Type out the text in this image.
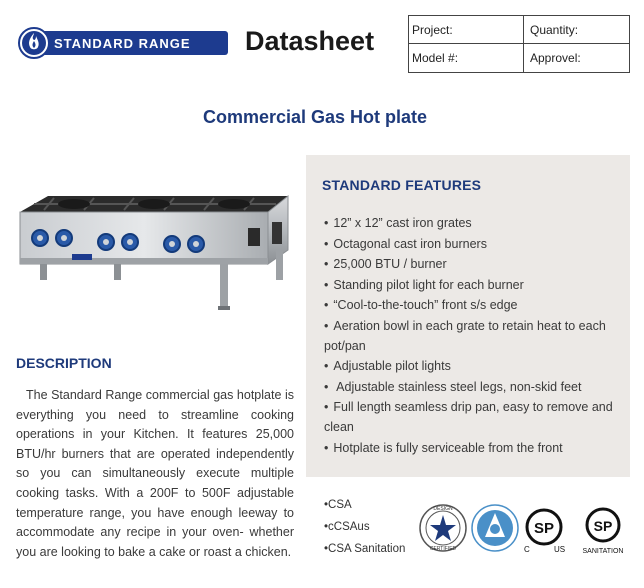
STANDARD RANGE Datasheet	Project:	Quantity:
Model #:	Approvel:
Commercial Gas Hot plate
STANDARD FEATURES
• 12” x 12” cast iron grates
• Octagonal cast iron burners
• 25,000 BTU / burner
• Standing pilot light for each burner
• “Cool-to-the-touch” front s/s edge
• Aeration bowl in each grate to retain heat to each pot/pan
• Adjustable pilot lights
• Adjustable stainless steel legs, non-skid feet
• Full length seamless drip pan, easy to remove and clean
• Hotplate is fully serviceable from the front
DESCRIPTION

The Standard Range commercial gas hotplate is everything you need to streamline cooking operations in your Kitchen. It features 25,000 BTU/hr burners that are operated independently so you can simultaneously execute multiple cooking tasks. With a 200F to 500F adjustable temperature range, you have enough leeway to accommodate any recipe in your oven- whether you are looking to bake a cake or roast a chicken.

• CSA
• cCSAus
• CSA Sanitation
DESIGN
CERTIFIED
SP
C	US
SP
SANITATION
